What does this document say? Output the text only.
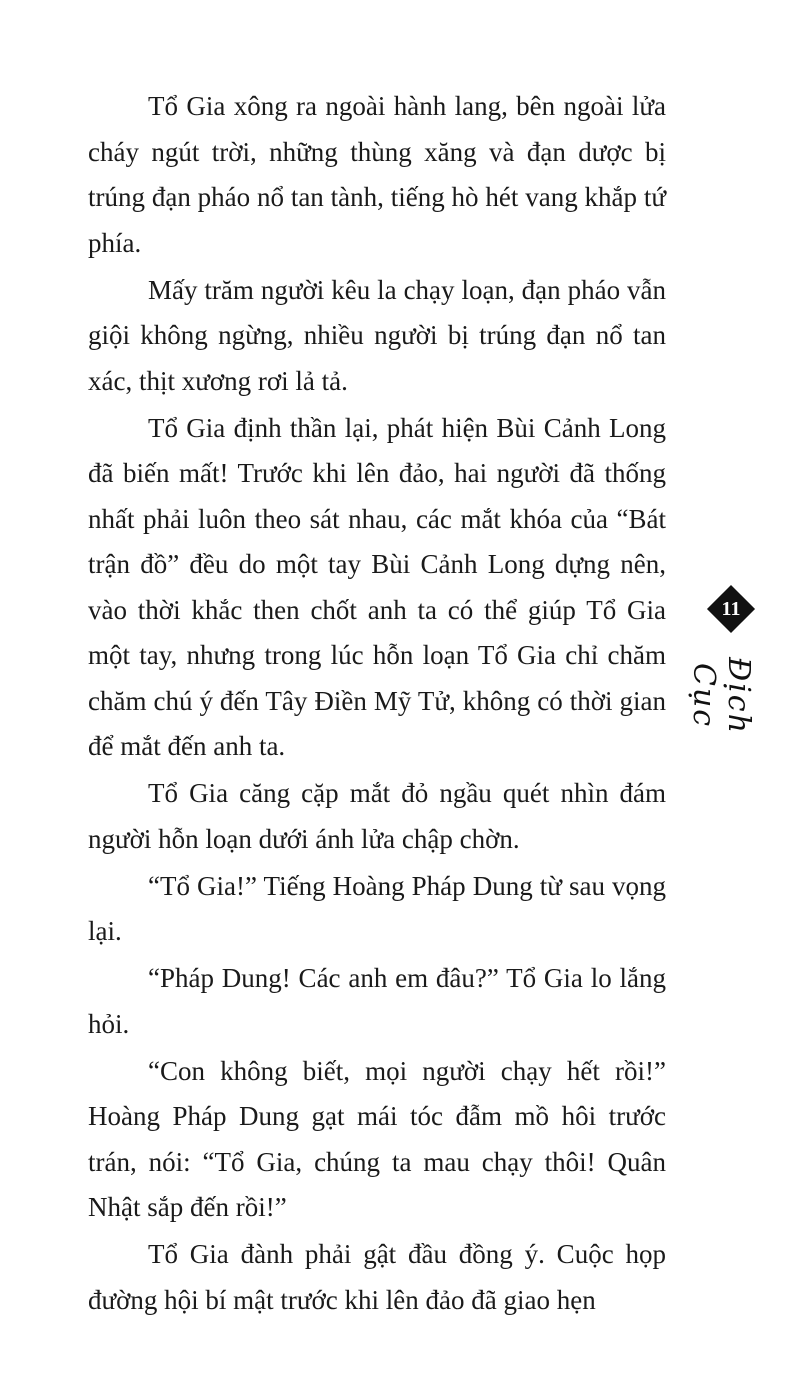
Tổ Gia xông ra ngoài hành lang, bên ngoài lửa cháy ngút trời, những thùng xăng và đạn dược bị trúng đạn pháo nổ tan tành, tiếng hò hét vang khắp tứ phía.

Mấy trăm người kêu la chạy loạn, đạn pháo vẫn giội không ngừng, nhiều người bị trúng đạn nổ tan xác, thịt xương rơi lả tả.

Tổ Gia định thần lại, phát hiện Bùi Cảnh Long đã biến mất! Trước khi lên đảo, hai người đã thống nhất phải luôn theo sát nhau, các mắt khóa của “Bát trận đồ” đều do một tay Bùi Cảnh Long dựng nên, vào thời khắc then chốt anh ta có thể giúp Tổ Gia một tay, nhưng trong lúc hỗn loạn Tổ Gia chỉ chăm chăm chú ý đến Tây Điền Mỹ Tử, không có thời gian để mắt đến anh ta.

Tổ Gia căng cặp mắt đỏ ngầu quét nhìn đám người hỗn loạn dưới ánh lửa chập chờn.

“Tổ Gia!” Tiếng Hoàng Pháp Dung từ sau vọng lại.

“Pháp Dung! Các anh em đâu?” Tổ Gia lo lắng hỏi.

“Con không biết, mọi người chạy hết rồi!” Hoàng Pháp Dung gạt mái tóc đẫm mồ hôi trước trán, nói: “Tổ Gia, chúng ta mau chạy thôi! Quân Nhật sắp đến rồi!”

Tổ Gia đành phải gật đầu đồng ý. Cuộc họp đường hội bí mật trước khi lên đảo đã giao hẹn

11
Địch Cục
